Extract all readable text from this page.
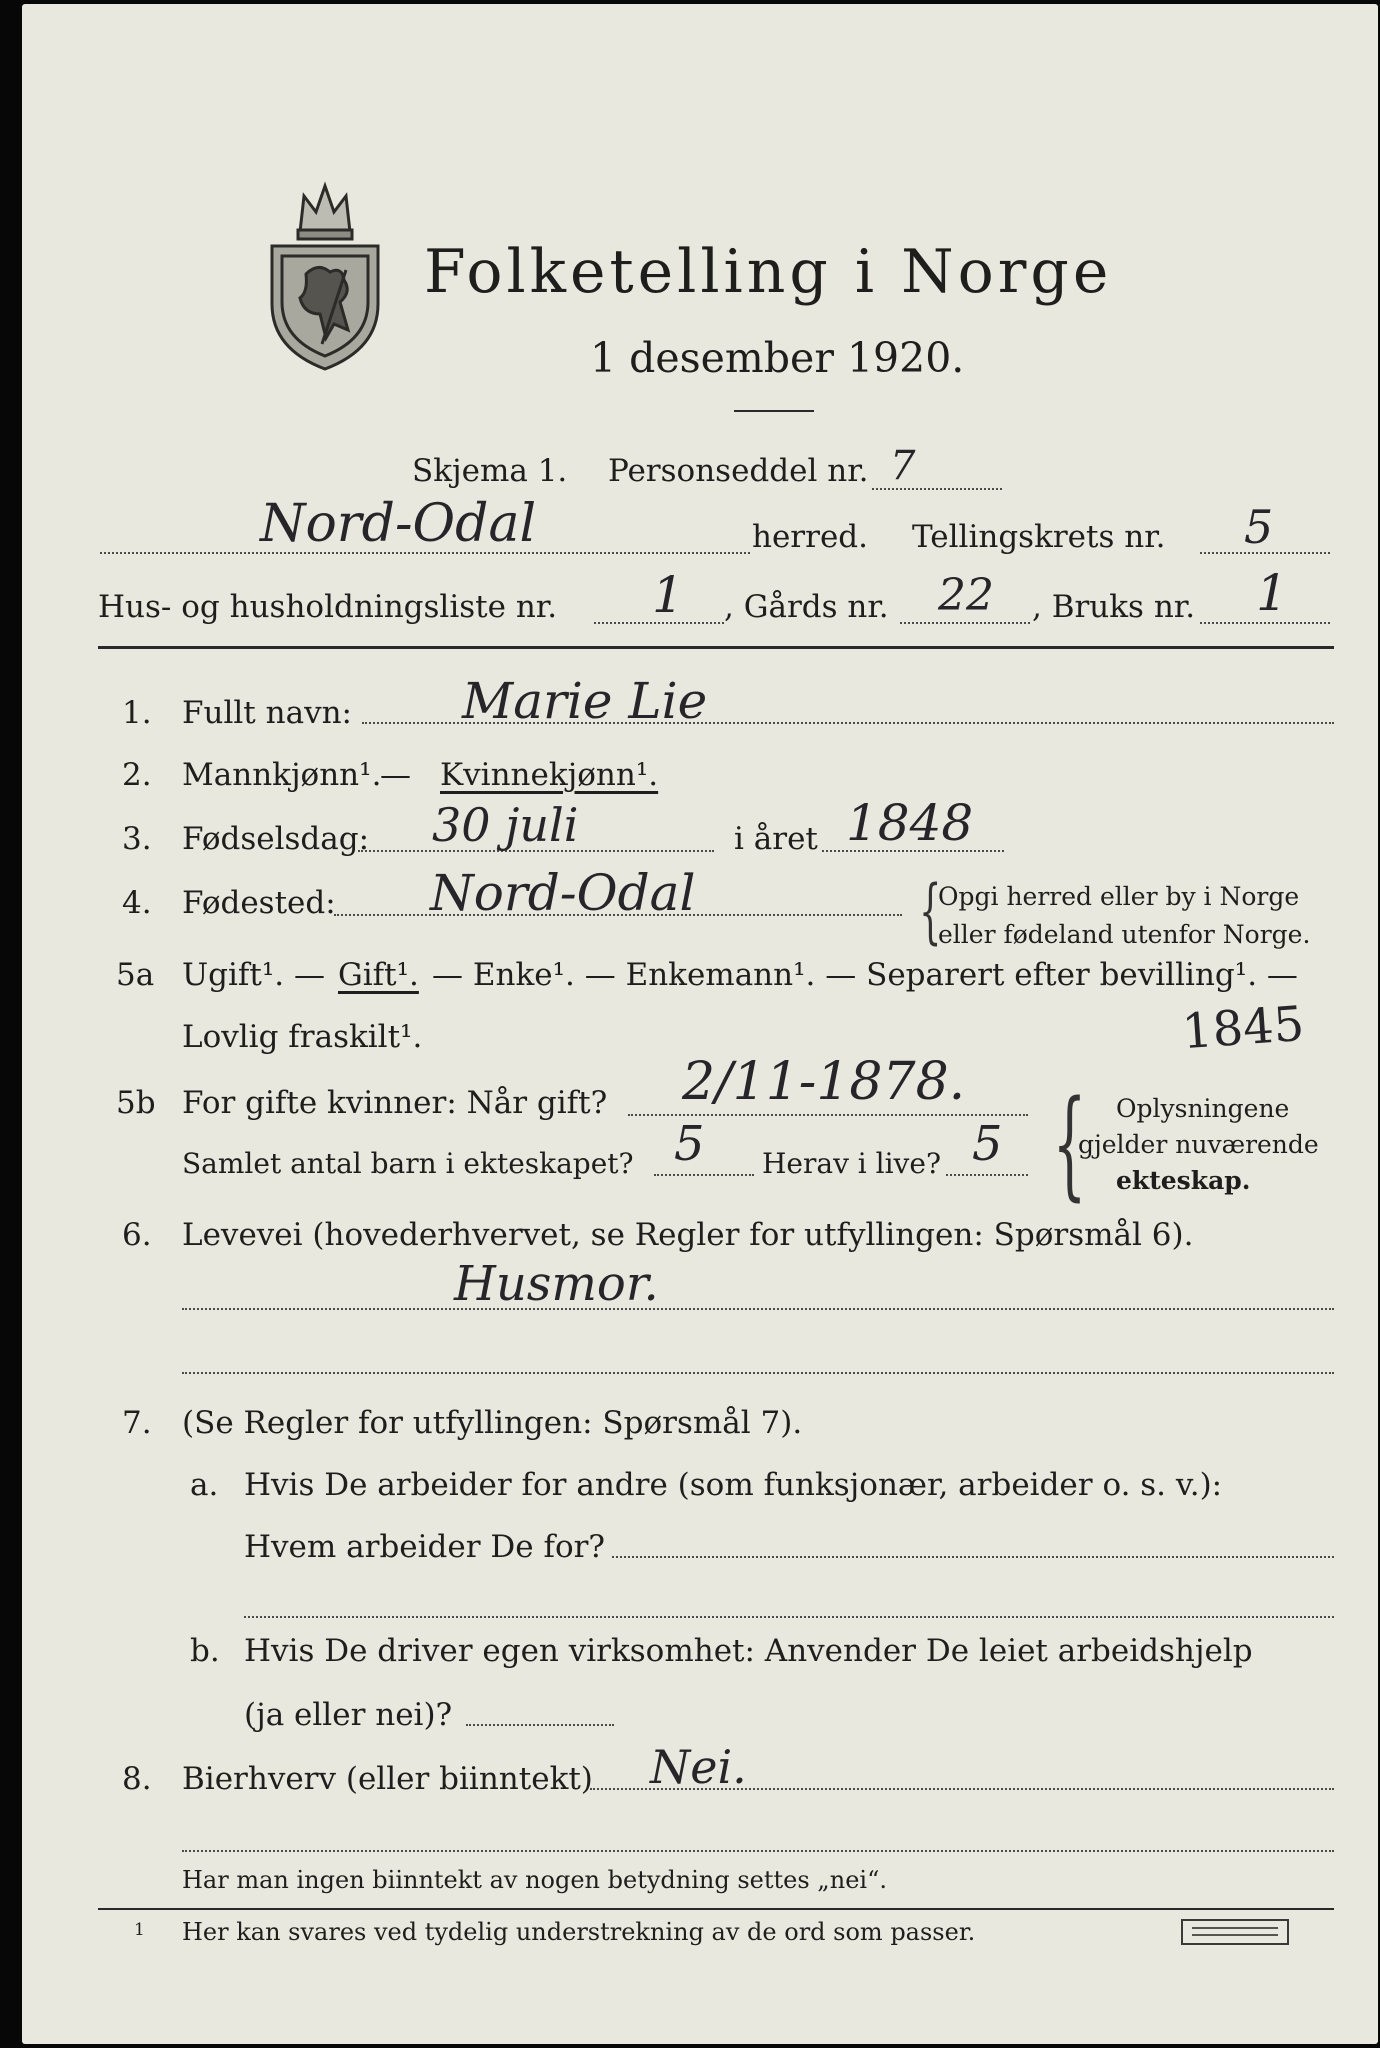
Folketelling i Norge
1 desember 1920.
Skjema 1. Personseddel nr. 7
Nord-Odal	herred. Tellingskrets nr. 5
Hus- og husholdningsliste nr. 1 , Gårds nr. 22 , Bruks nr. 1
1. Fullt navn: Marie Lie
2. Mannkjønn¹.
— Kvinnekjønn¹.
3. Fødselsdag: 30 juli	i året 1848
4. Fødested: Nord-Odal	{
Opgi herred eller by i Norge
eller fødeland utenfor Norge.
5a Ugift¹. — Gift¹. — Enke¹. — Enkemann¹. — Separert efter bevilling¹. —
Lovlig fraskilt¹.	1845
5b For gifte kvinner: Når gift? 2/11-1878.
Samlet antal barn i ekteskapet? 5 Herav i live? 5 { Oplysningene
gjelder nuværende
ekteskap.
6. Levevei (hovederhvervet, se Regler for utfyllingen: Spørsmål 6).
Husmor.
7. (Se Regler for utfyllingen: Spørsmål 7).
a. Hvis De arbeider for andre (som funksjonær, arbeider o. s. v.):
Hvem arbeider De for?
b. Hvis De driver egen virksomhet: Anvender De leiet arbeidshjelp
(ja eller nei)?
8. Bierhverv (eller biinntekt) Nei.
Har man ingen biinntekt av nogen betydning settes „nei“.
1 Her kan svares ved tydelig understrekning av de ord som passer.
